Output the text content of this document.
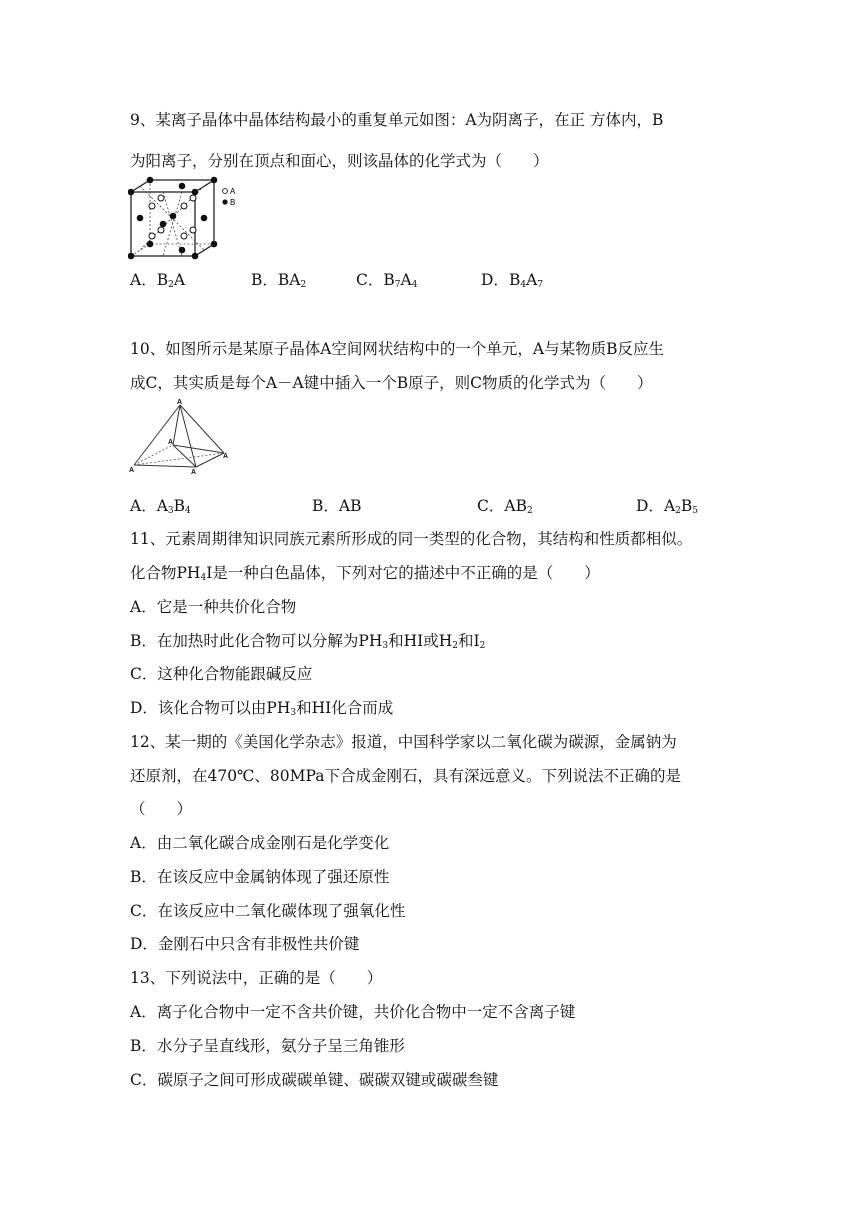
9、某离子晶体中晶体结构最小的重复单元如图：A为阴离子，在正 方体内，B
为阳离子，分别在顶点和面心，则该晶体的化学式为（　　）
A
B
A．$B_2A$	B．$BA_2$	C．$B_7A_4$	D．$B_4A_7$
10、如图所示是某原子晶体A空间网状结构中的一个单元，A与某物质B反应生
成C，其实质是每个A－A键中插入一个B原子，则C物质的化学式为（　　）
A
A
A	A
A
A．$A_3B_4$	B．AB	C．$AB_2$	D．$A_2B_5$
11、元素周期律知识同族元素所形成的同一类型的化合物，其结构和性质都相似。
化合物$PH_4I$是一种白色晶体，下列对它的描述中不正确的是（　　）
A．它是一种共价化合物
B．在加热时此化合物可以分解为$PH_3$和HI或$H_2$和$I_2$
C．这种化合物能跟碱反应
D．该化合物可以由$PH_3$和HI化合而成
12、某一期的《美国化学杂志》报道，中国科学家以二氧化碳为碳源，金属钠为
还原剂，在470℃、80MPa下合成金刚石，具有深远意义。下列说法不正确的是
（　　）
A．由二氧化碳合成金刚石是化学变化
B．在该反应中金属钠体现了强还原性
C．在该反应中二氧化碳体现了强氧化性
D．金刚石中只含有非极性共价键
13、下列说法中，正确的是（　　）
A．离子化合物中一定不含共价键，共价化合物中一定不含离子键
B．水分子呈直线形，氨分子呈三角锥形
C．碳原子之间可形成碳碳单键、碳碳双键或碳碳叁键
